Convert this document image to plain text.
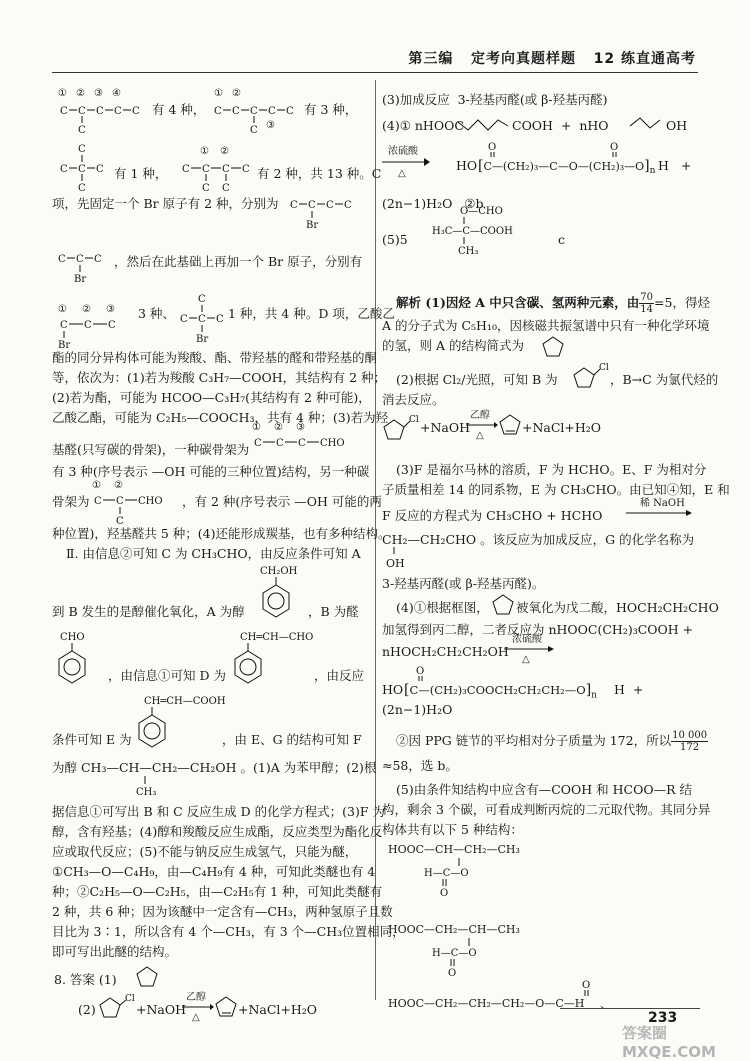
第三编   定考向真题样题   12 练直通高考
① ② ③ ④
C C C C C
C
有 4 种，
① ②
C C C C C
C ③
有 3 种，
C
C C C
C
有 1 种，
① ②
C C C C
C C
有 2 种，共 13 种。C
项，先固定一个 Br 原子有 2 种，分别为 C C C C
Br
C C C
Br
，然后在此基础上再加一个 Br 原子，分别有
① ② ③
C C C
Br
3 种、
C
C C C
Br
1 种，共 4 种。D 项，乙酸乙
酯的同分异构体可能为羧酸、酯、带羟基的醛和带羟基的酮
等，依次为：(1)若为羧酸 C₃H₇—COOH，其结构有 2 种；
(2)若为酯，可能为 HCOO—C₃H₇(其结构有 2 种可能)，
乙酸乙酯，可能为 C₂H₅—COOCH₃，共有 4 种；(3)若为羟
基醛(只写碳的骨架)，一种碳骨架为
① ② ③
C C C CHO
有 3 种(序号表示 —OH 可能的三种位置)结构，另一种碳
骨架为
① ②
C C CHO
C
，有 2 种(序号表示 —OH 可能的两
种位置)，羟基醛共 5 种；(4)还能形成羰基，也有多种结构。
Ⅱ. 由信息②可知 C 为 CH₃CHO，由反应条件可知 A
CH₂OH
到 B 发生的是醇催化氧化，A 为醇	，B 为醛
CHO
，由信息①可知 D 为
CH═CH—CHO
，由反应
CH═CH—COOH
条件可知 E 为	，由 E、G 的结构可知 F
为醇 CH₃—CH—CH₂—CH₂OH 。(1)A 为苯甲醇；(2)根
CH₃
据信息①可写出 B 和 C 反应生成 D 的化学方程式；(3)F 为
醇，含有羟基；(4)醇和羧酸反应生成酯，反应类型为酯化反
应或取代反应；(5)不能与钠反应生成氢气，只能为醚，
①CH₃—O—C₄H₉，由—C₄H₉有 4 种，可知此类醚也有 4
种；②C₂H₅—O—C₂H₅，由—C₂H₅有 1 种，可知此类醚有
2 种，共 6 种；因为该醚中一定含有—CH₃，两种氢原子且数
目比为 3∶1，所以含有 4 个—CH₃，有 3 个—CH₃位置相同，
即可写出此醚的结构。
8. 答案 (1)
(2)
Cl
+NaOH
乙醇
△
+NaCl+H₂O
(3)加成反应  3-羟基丙醛(或 β-羟基丙醛)
(4)① nHOOC	COOH  +  nHO	OH
浓硫酸
△
O	O
HO $[C—(CH_2)_3—C—O—(CH_2)_3—O]_n$ H   +
(2n−1)H₂O   ②b
O—CHO
H₃C—C—COOH
CH₃
(5)5	c
解析 (1)因烃 A 中只含碳、氢两种元素，由 $\frac{70}{14} =5$，得烃
A 的分子式为 C₅H₁₀，因核磁共振氢谱中只有一种化学环境
的氢，则 A 的结构简式为
(2)根据 Cl₂/光照，可知 B 为
Cl
，B→C 为氯代烃的
消去反应。
Cl +NaOH
乙醇
△
+NaCl+H₂O
(3)F 是福尔马林的溶质，F 为 HCHO。E、F 为相对分
子质量相差 14 的同系物，E 为 CH₃CHO。由已知④知，E 和
F 反应的方程式为 CH₃CHO + HCHO
稀 NaOH
CH₂—CH₂CHO 。该反应为加成反应，G 的化学名称为
OH
3-羟基丙醛(或 β-羟基丙醛)。
(4)①根据框图， 被氧化为戊二酸，HOCH₂CH₂CHO
加氢得到丙二醇，二者反应为 nHOOC(CH₂)₃COOH +
nHOCH₂CH₂CH₂OH
浓硫酸
△
O
HO $[C—(CH_2)_3COOCH_2CH_2CH_2—O]_n$ H  +
(2n−1)H₂O
②因 PPG 链节的平均相对分子质量为 172，所以 $\frac{10 000}{172}$
≈58，选 b。
(5)由条件知结构中应含有—COOH 和 HCOO—R 结
构，剩余 3 个碳，可看成判断丙烷的二元取代物。其同分异
构体共有以下 5 种结构：
HOOC—CH—CH₂—CH₃
H—C—O
O
HOOC—CH₂—CH—CH₃
H—C—O
O
O
HOOC—CH₂—CH₂—CH₂—O—C—H 、
233
答案圈 MXQE.COM
